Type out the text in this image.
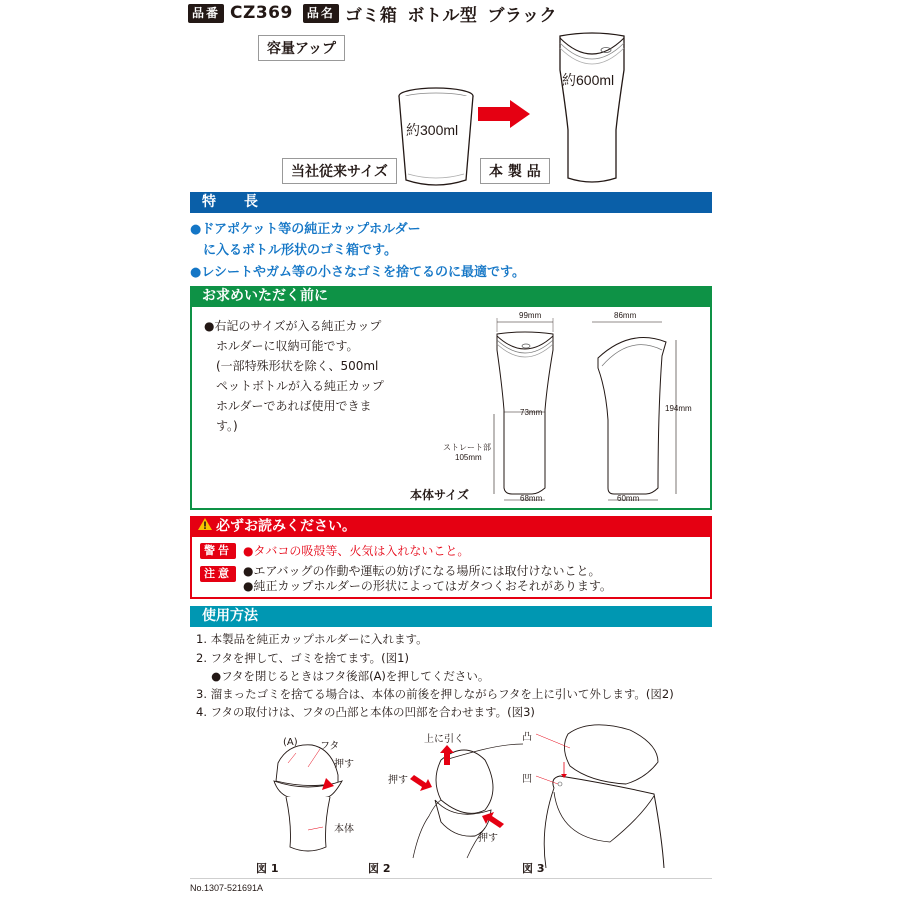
品番 CZ369	品名 ゴミ箱 ボトル型 ブラック
容量アップ
約300ml
当社従来サイズ	本 製 品
約600ml
特　　長
●ドアポケット等の純正カップホルダー
　に入るボトル形状のゴミ箱です。
●レシートやガム等の小さなゴミを捨てるのに最適です。
お求めいただく前に
●右記のサイズが入る純正カップ
　ホルダーに収納可能です。
　(一部特殊形状を除く、500ml
　ペットボトルが入る純正カップ
　ホルダーであれば使用できま
　す。)
99mm
73mm
68mm
ストレート部
105mm
86mm
60mm
194mm
本体サイズ
必ずお読みください。
警告 ●タバコの吸殻等、火気は入れないこと。
注意 ●エアバッグの作動や運転の妨げになる場所には取付けないこと。
●純正カップホルダーの形状によってはガタつくおそれがあります。
使用方法
1. 本製品を純正カップホルダーに入れます。
2. フタを押して、ゴミを捨てます。(図1)
　 ●フタを閉じるときはフタ後部(A)を押してください。
3. 溜まったゴミを捨てる場合は、本体の前後を押しながらフタを上に引いて外します。(図2)
4. フタの取付けは、フタの凸部と本体の凹部を合わせます。(図3)
(A) フタ
押す
本体
図 1
上に引く
押す
押す
図 2
凸
凹
図 3
No.1307-521691A
